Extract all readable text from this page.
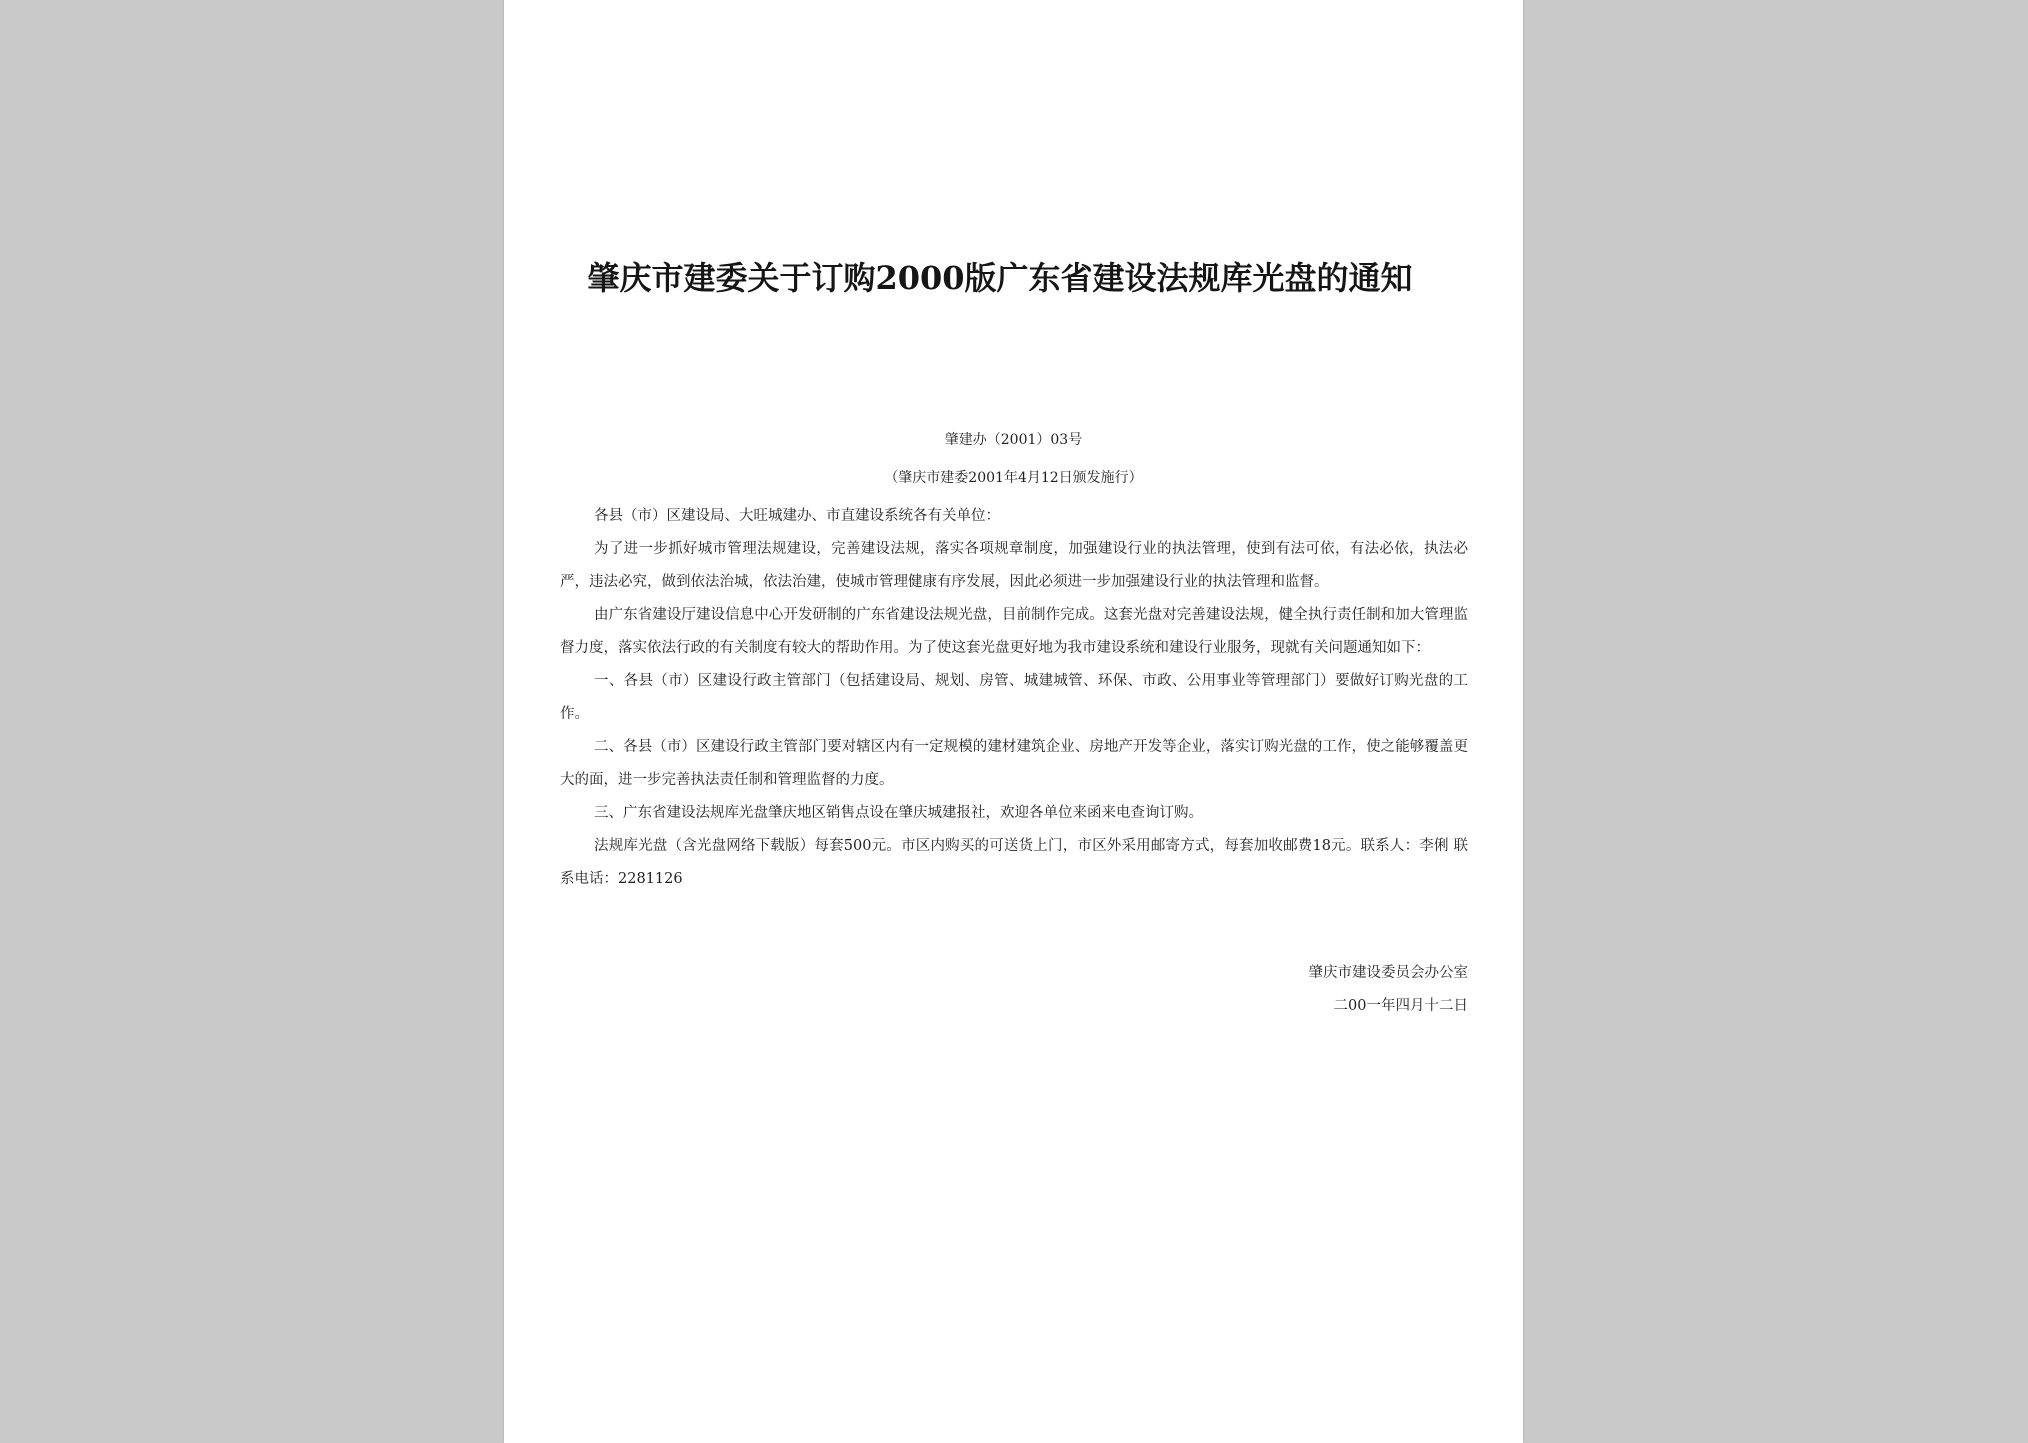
肇庆市建委关于订购2000版广东省建设法规库光盘的通知
肇建办（2001）03号
（肇庆市建委2001年4月12日颁发施行）

各县（市）区建设局、大旺城建办、市直建设系统各有关单位：

为了进一步抓好城市管理法规建设，完善建设法规，落实各项规章制度，加强建设行业的执法管理，使到有法可依，有法必依，执法必严，违法必究，做到依法治城，依法治建，使城市管理健康有序发展，因此必须进一步加强建设行业的执法管理和监督。

由广东省建设厅建设信息中心开发研制的广东省建设法规光盘，目前制作完成。这套光盘对完善建设法规，健全执行责任制和加大管理监督力度，落实依法行政的有关制度有较大的帮助作用。为了使这套光盘更好地为我市建设系统和建设行业服务，现就有关问题通知如下：

一、各县（市）区建设行政主管部门（包括建设局、规划、房管、城建城管、环保、市政、公用事业等管理部门）要做好订购光盘的工作。

二、各县（市）区建设行政主管部门要对辖区内有一定规模的建材建筑企业、房地产开发等企业，落实订购光盘的工作，使之能够覆盖更大的面，进一步完善执法责任制和管理监督的力度。

三、广东省建设法规库光盘肇庆地区销售点设在肇庆城建报社，欢迎各单位来函来电查询订购。

法规库光盘（含光盘网络下载版）每套500元。市区内购买的可送货上门，市区外采用邮寄方式，每套加收邮费18元。联系人：李俐 联系电话：2281126

肇庆市建设委员会办公室
二00一年四月十二日
